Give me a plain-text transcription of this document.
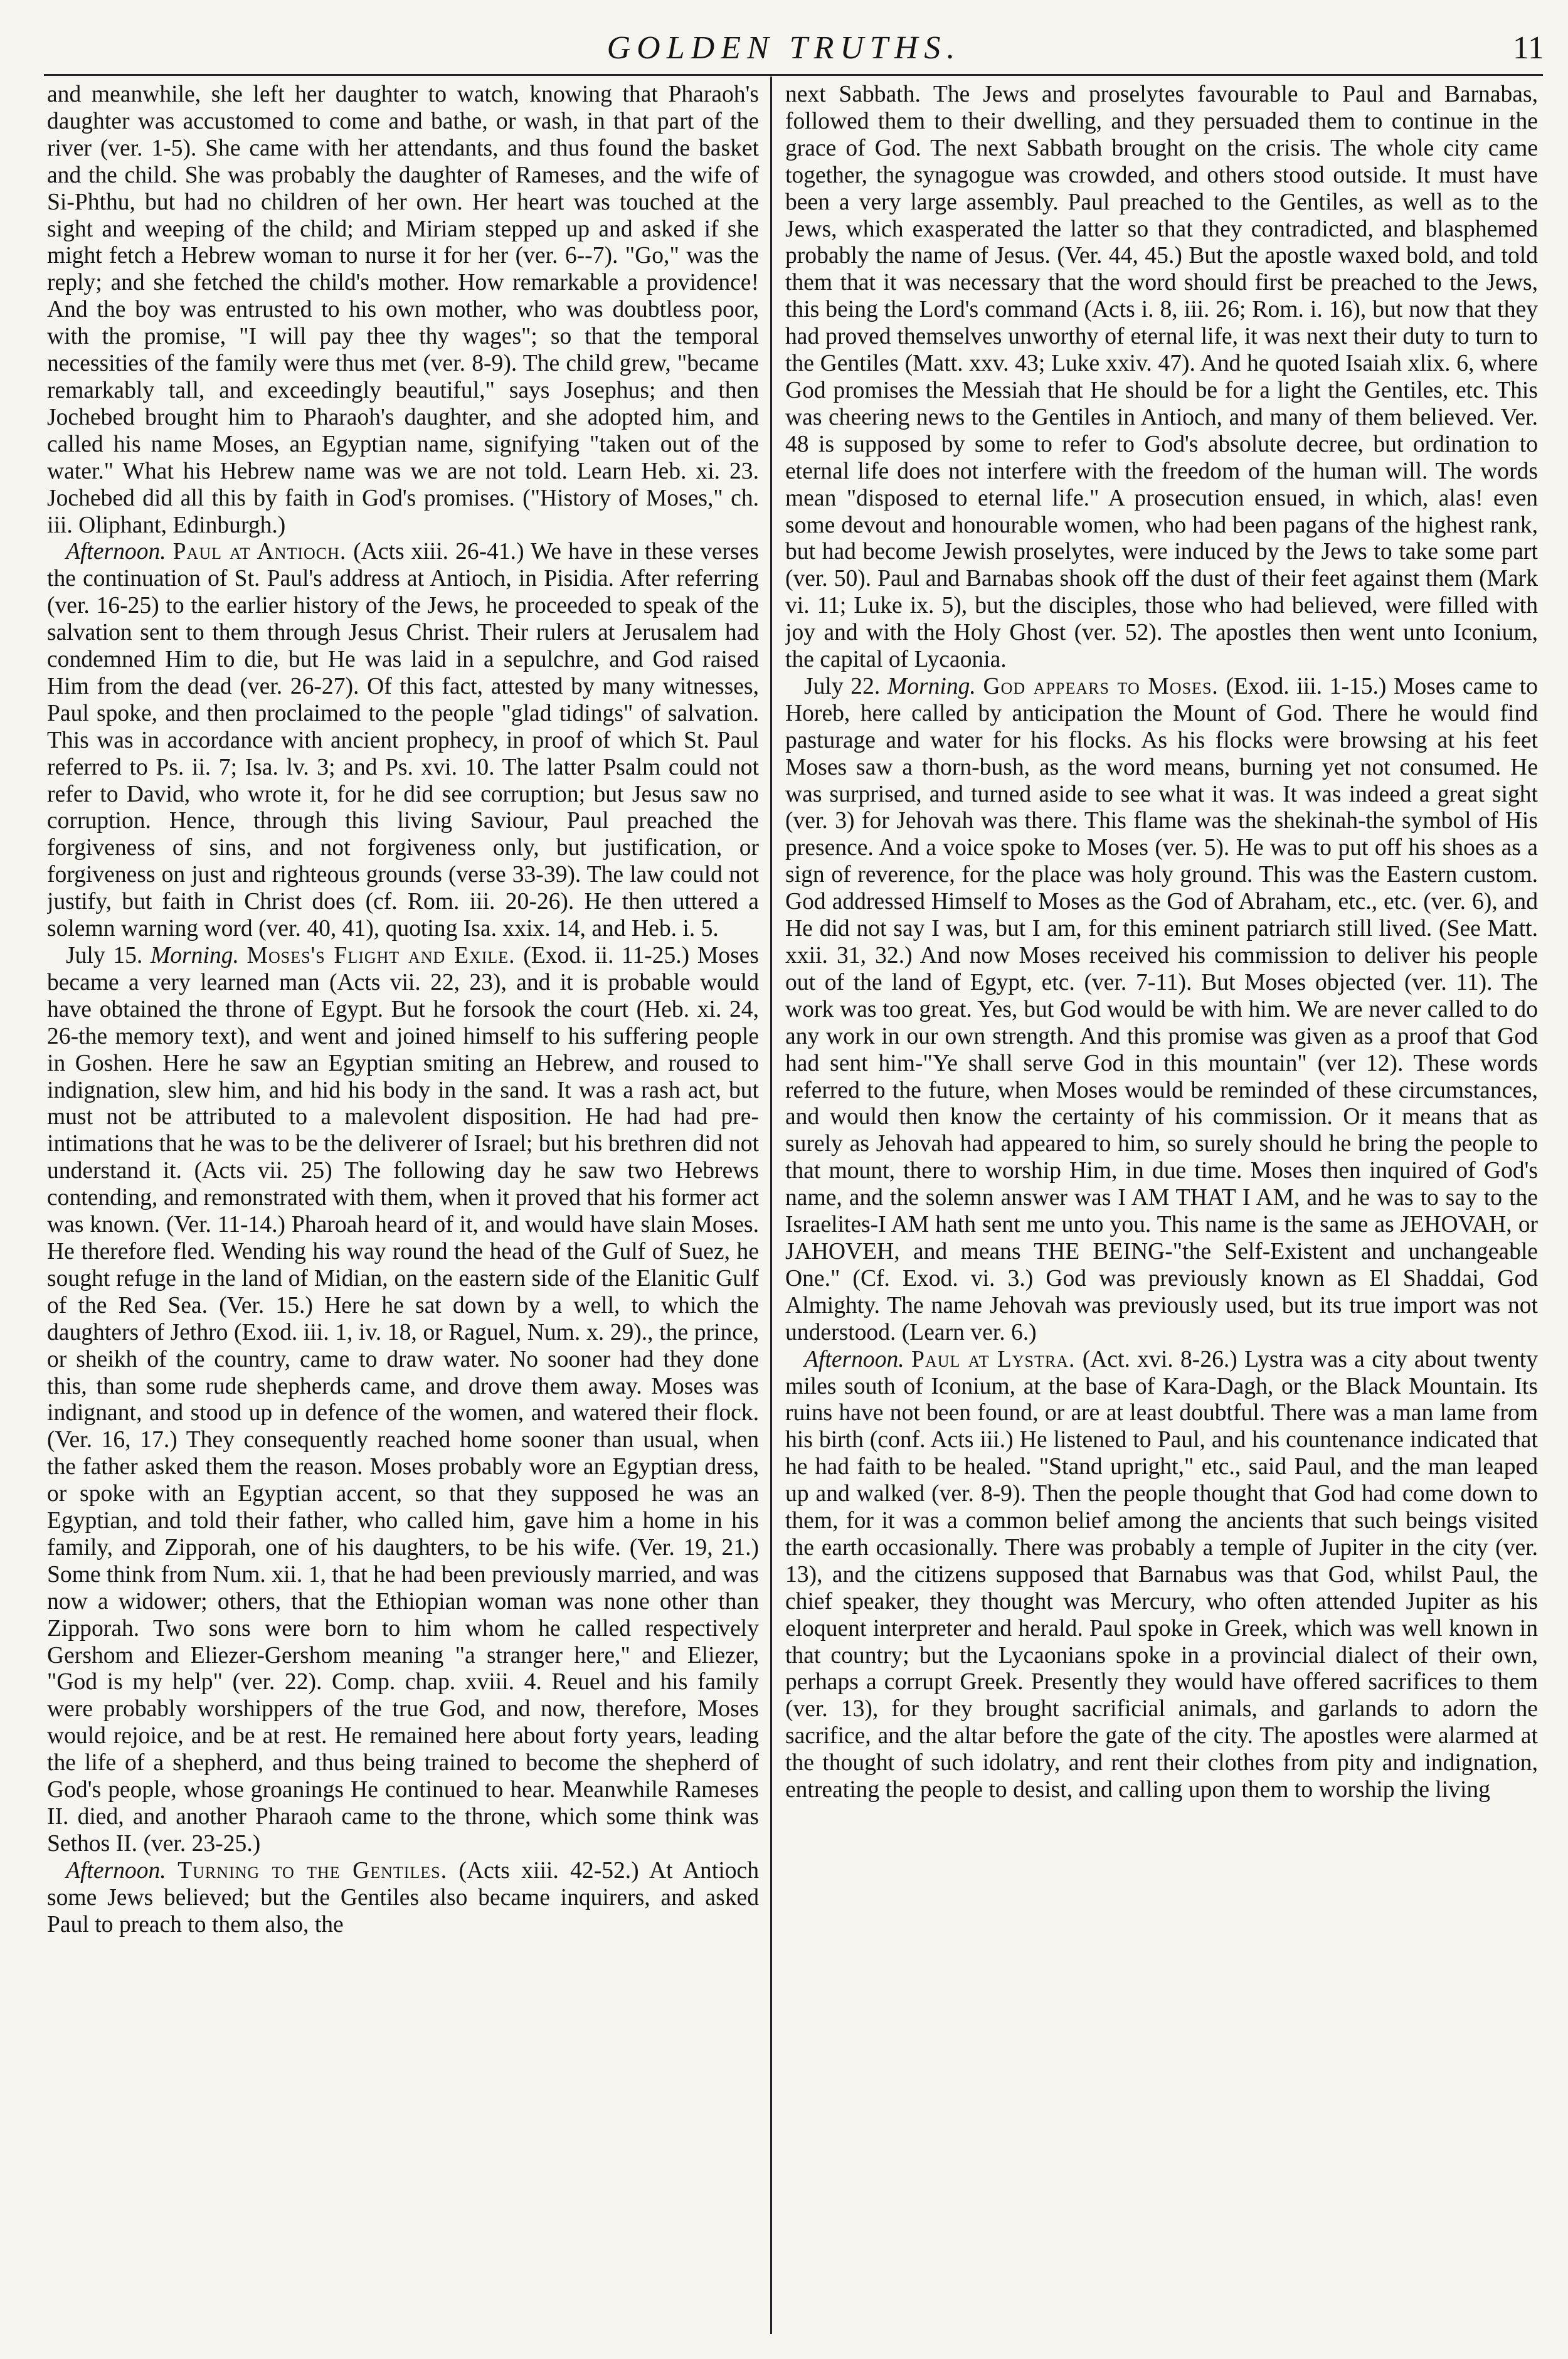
GOLDEN TRUTHS.	11

and meanwhile, she left her daughter to watch, knowing that Pharaoh's daughter was accustomed to come and bathe, or wash, in that part of the river (ver. 1-5). She came with her attendants, and thus found the basket and the child. She was probably the daughter of Rameses, and the wife of Si-Phthu, but had no children of her own. Her heart was touched at the sight and weeping of the child; and Miriam stepped up and asked if she might fetch a Hebrew woman to nurse it for her (ver. 6--7). "Go," was the reply; and she fetched the child's mother. How remarkable a providence! And the boy was entrusted to his own mother, who was doubtless poor, with the promise, "I will pay thee thy wages"; so that the temporal necessities of the family were thus met (ver. 8-9). The child grew, "became remarkably tall, and exceedingly beautiful," says Josephus; and then Jochebed brought him to Pharaoh's daughter, and she adopted him, and called his name Moses, an Egyptian name, signifying "taken out of the water." What his Hebrew name was we are not told. Learn Heb. xi. 23. Jochebed did all this by faith in God's promises. ("History of Moses," ch. iii. Oliphant, Edinburgh.)

Afternoon. Paul at Antioch. (Acts xiii. 26-41.) We have in these verses the continuation of St. Paul's address at Antioch, in Pisidia. After referring (ver. 16-25) to the earlier history of the Jews, he proceeded to speak of the salvation sent to them through Jesus Christ. Their rulers at Jerusalem had condemned Him to die, but He was laid in a sepulchre, and God raised Him from the dead (ver. 26-27). Of this fact, attested by many witnesses, Paul spoke, and then proclaimed to the people "glad tidings" of salvation. This was in accordance with ancient prophecy, in proof of which St. Paul referred to Ps. ii. 7; Isa. lv. 3; and Ps. xvi. 10. The latter Psalm could not refer to David, who wrote it, for he did see corruption; but Jesus saw no corruption. Hence, through this living Saviour, Paul preached the forgiveness of sins, and not forgiveness only, but justification, or forgiveness on just and righteous grounds (verse 33-39). The law could not justify, but faith in Christ does (cf. Rom. iii. 20-26). He then uttered a solemn warning word (ver. 40, 41), quoting Isa. xxix. 14, and Heb. i. 5.

July 15. Morning. Moses's Flight and Exile. (Exod. ii. 11-25.) Moses became a very learned man (Acts vii. 22, 23), and it is probable would have obtained the throne of Egypt. But he forsook the court (Heb. xi. 24, 26-the memory text), and went and joined himself to his suffering people in Goshen. Here he saw an Egyptian smiting an Hebrew, and roused to indignation, slew him, and hid his body in the sand. It was a rash act, but must not be attributed to a malevolent disposition. He had had pre-intimations that he was to be the deliverer of Israel; but his brethren did not understand it. (Acts vii. 25) The following day he saw two Hebrews contending, and remonstrated with them, when it proved that his former act was known. (Ver. 11-14.) Pharoah heard of it, and would have slain Moses. He therefore fled. Wending his way round the head of the Gulf of Suez, he sought refuge in the land of Midian, on the eastern side of the Elanitic Gulf of the Red Sea. (Ver. 15.) Here he sat down by a well, to which the daughters of Jethro (Exod. iii. 1, iv. 18, or Raguel, Num. x. 29)., the prince, or sheikh of the country, came to draw water. No sooner had they done this, than some rude shepherds came, and drove them away. Moses was indignant, and stood up in defence of the women, and watered their flock. (Ver. 16, 17.) They consequently reached home sooner than usual, when the father asked them the reason. Moses probably wore an Egyptian dress, or spoke with an Egyptian accent, so that they supposed he was an Egyptian, and told their father, who called him, gave him a home in his family, and Zipporah, one of his daughters, to be his wife. (Ver. 19, 21.) Some think from Num. xii. 1, that he had been previously married, and was now a widower; others, that the Ethiopian woman was none other than Zipporah. Two sons were born to him whom he called respectively Gershom and Eliezer-Gershom meaning "a stranger here," and Eliezer, "God is my help" (ver. 22). Comp. chap. xviii. 4. Reuel and his family were probably worshippers of the true God, and now, therefore, Moses would rejoice, and be at rest. He remained here about forty years, leading the life of a shepherd, and thus being trained to become the shepherd of God's people, whose groanings He continued to hear. Meanwhile Rameses II. died, and another Pharaoh came to the throne, which some think was Sethos II. (ver. 23-25.)

Afternoon. Turning to the Gentiles. (Acts xiii. 42-52.) At Antioch some Jews believed; but the Gentiles also became inquirers, and asked Paul to preach to them also, the

next Sabbath. The Jews and proselytes favourable to Paul and Barnabas, followed them to their dwelling, and they persuaded them to continue in the grace of God. The next Sabbath brought on the crisis. The whole city came together, the synagogue was crowded, and others stood outside. It must have been a very large assembly. Paul preached to the Gentiles, as well as to the Jews, which exasperated the latter so that they contradicted, and blasphemed probably the name of Jesus. (Ver. 44, 45.) But the apostle waxed bold, and told them that it was necessary that the word should first be preached to the Jews, this being the Lord's command (Acts i. 8, iii. 26; Rom. i. 16), but now that they had proved themselves unworthy of eternal life, it was next their duty to turn to the Gentiles (Matt. xxv. 43; Luke xxiv. 47). And he quoted Isaiah xlix. 6, where God promises the Messiah that He should be for a light the Gentiles, etc. This was cheering news to the Gentiles in Antioch, and many of them believed. Ver. 48 is supposed by some to refer to God's absolute decree, but ordination to eternal life does not interfere with the freedom of the human will. The words mean "disposed to eternal life." A prosecution ensued, in which, alas! even some devout and honourable women, who had been pagans of the highest rank, but had become Jewish proselytes, were induced by the Jews to take some part (ver. 50). Paul and Barnabas shook off the dust of their feet against them (Mark vi. 11; Luke ix. 5), but the disciples, those who had believed, were filled with joy and with the Holy Ghost (ver. 52). The apostles then went unto Iconium, the capital of Lycaonia.

July 22. Morning. God appears to Moses. (Exod. iii. 1-15.) Moses came to Horeb, here called by anticipation the Mount of God. There he would find pasturage and water for his flocks. As his flocks were browsing at his feet Moses saw a thorn-bush, as the word means, burning yet not consumed. He was surprised, and turned aside to see what it was. It was indeed a great sight (ver. 3) for Jehovah was there. This flame was the shekinah-the symbol of His presence. And a voice spoke to Moses (ver. 5). He was to put off his shoes as a sign of reverence, for the place was holy ground. This was the Eastern custom. God addressed Himself to Moses as the God of Abraham, etc., etc. (ver. 6), and He did not say I was, but I am, for this eminent patriarch still lived. (See Matt. xxii. 31, 32.) And now Moses received his commission to deliver his people out of the land of Egypt, etc. (ver. 7-11). But Moses objected (ver. 11). The work was too great. Yes, but God would be with him. We are never called to do any work in our own strength. And this promise was given as a proof that God had sent him-"Ye shall serve God in this mountain" (ver 12). These words referred to the future, when Moses would be reminded of these circumstances, and would then know the certainty of his commission. Or it means that as surely as Jehovah had appeared to him, so surely should he bring the people to that mount, there to worship Him, in due time. Moses then inquired of God's name, and the solemn answer was I AM THAT I AM, and he was to say to the Israelites-I AM hath sent me unto you. This name is the same as JEHOVAH, or JAHOVEH, and means THE BEING-"the Self-Existent and unchangeable One." (Cf. Exod. vi. 3.) God was previously known as El Shaddai, God Almighty. The name Jehovah was previously used, but its true import was not understood. (Learn ver. 6.)

Afternoon. Paul at Lystra. (Act. xvi. 8-26.) Lystra was a city about twenty miles south of Iconium, at the base of Kara-Dagh, or the Black Mountain. Its ruins have not been found, or are at least doubtful. There was a man lame from his birth (conf. Acts iii.) He listened to Paul, and his countenance indicated that he had faith to be healed. "Stand upright," etc., said Paul, and the man leaped up and walked (ver. 8-9). Then the people thought that God had come down to them, for it was a common belief among the ancients that such beings visited the earth occasionally. There was probably a temple of Jupiter in the city (ver. 13), and the citizens supposed that Barnabus was that God, whilst Paul, the chief speaker, they thought was Mercury, who often attended Jupiter as his eloquent interpreter and herald. Paul spoke in Greek, which was well known in that country; but the Lycaonians spoke in a provincial dialect of their own, perhaps a corrupt Greek. Presently they would have offered sacrifices to them (ver. 13), for they brought sacrificial animals, and garlands to adorn the sacrifice, and the altar before the gate of the city. The apostles were alarmed at the thought of such idolatry, and rent their clothes from pity and indignation, entreating the people to desist, and calling upon them to worship the living
